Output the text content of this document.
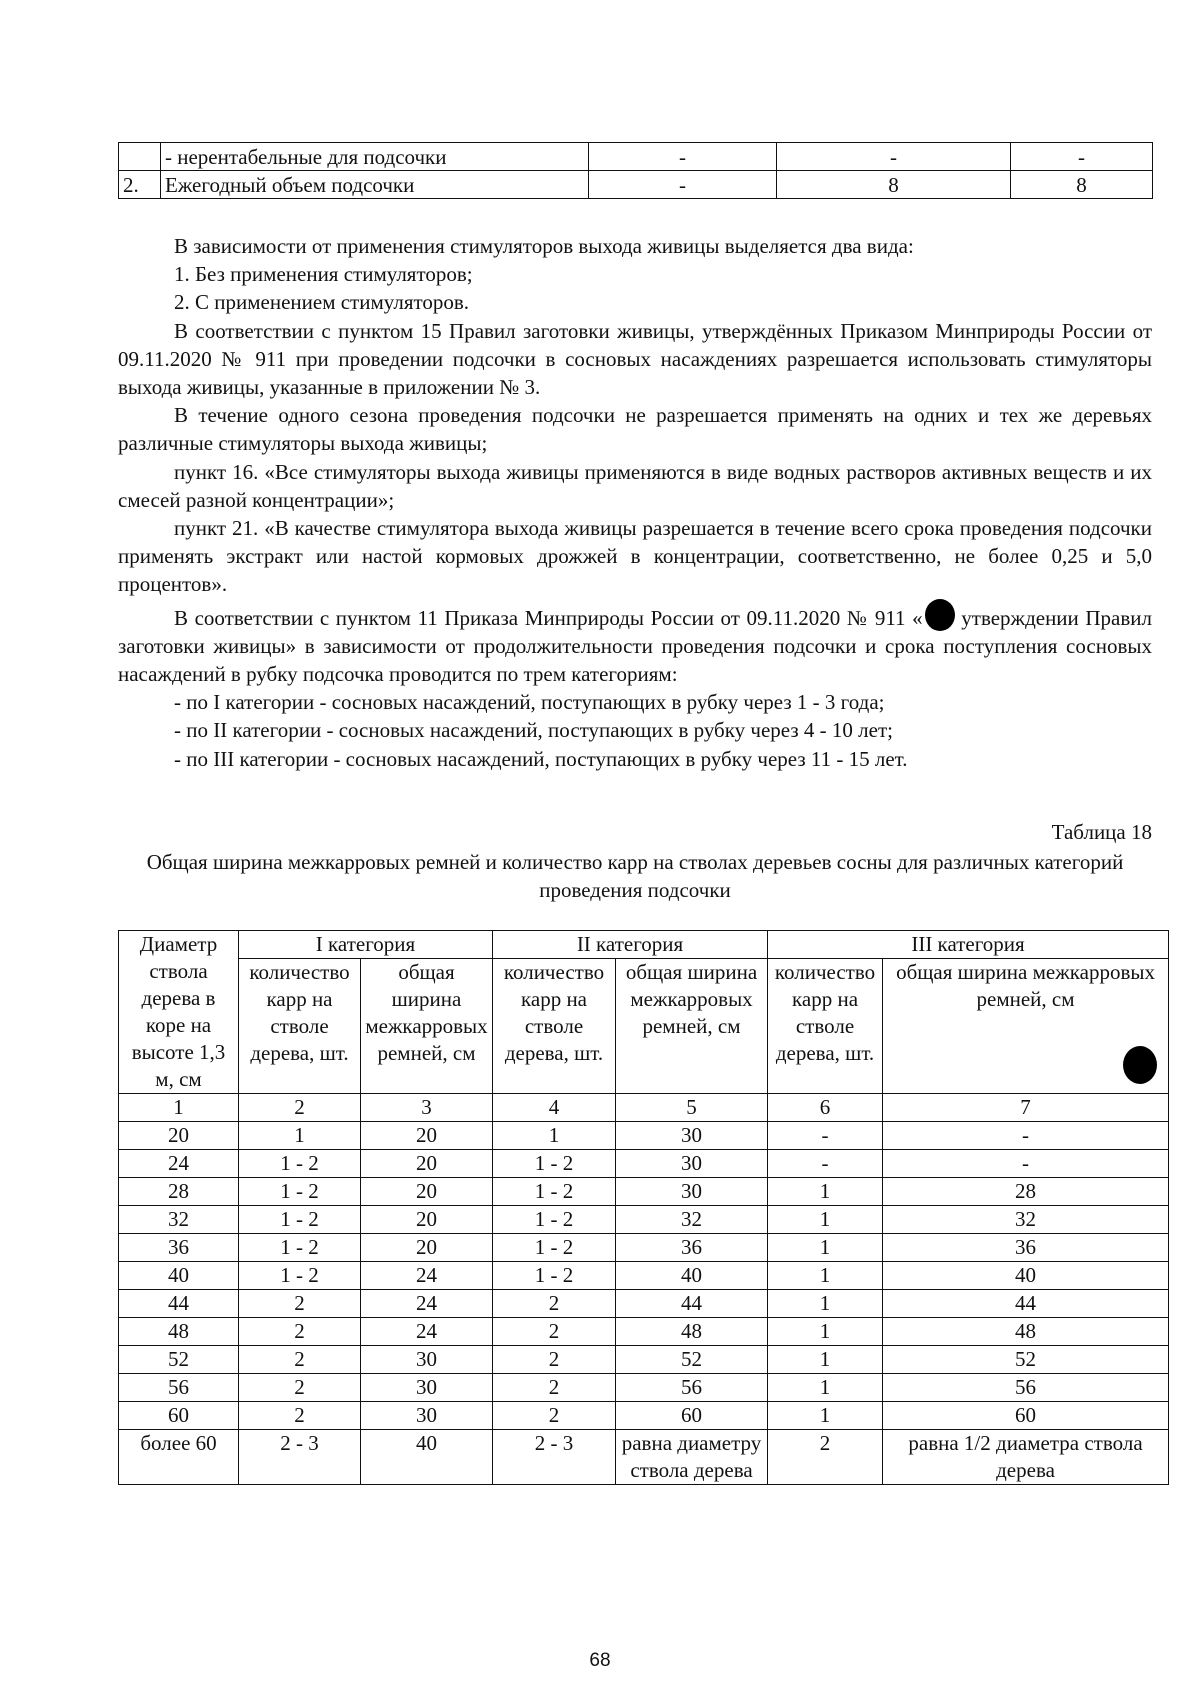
	- нерентабельные для подсочки	-	-	-
2.	Ежегодный объем подсочки	-	8	8

В зависимости от применения стимуляторов выхода живицы выделяется два вида:

1. Без применения стимуляторов;

2. С применением стимуляторов.

В соответствии с пунктом 15 Правил заготовки живицы, утверждённых Приказом Минприроды России от 09.11.2020 № 911 при проведении подсочки в сосновых насаждениях разрешается использовать стимуляторы выхода живицы, указанные в приложении № 3.

В течение одного сезона проведения подсочки не разрешается применять на одних и тех же деревьях различные стимуляторы выхода живицы;

пункт 16. «Все стимуляторы выхода живицы применяются в виде водных растворов активных веществ и их смесей разной концентрации»;

пункт 21. «В качестве стимулятора выхода живицы разрешается в течение всего срока проведения подсочки применять экстракт или настой кормовых дрожжей в концентрации, соответственно, не более 0,25 и 5,0 процентов».

В соответствии с пунктом 11 Приказа Минприроды России от 09.11.2020 № 911 « утверждении Правил заготовки живицы» в зависимости от продолжительности проведения подсочки и срока поступления сосновых насаждений в рубку подсочка проводится по трем категориям:

- по I категории - сосновых насаждений, поступающих в рубку через 1 - 3 года;

- по II категории - сосновых насаждений, поступающих в рубку через 4 - 10 лет;

- по III категории - сосновых насаждений, поступающих в рубку через 11 - 15 лет.

Таблица 18
Общая ширина межкарровых ремней и количество карр на стволах деревьев сосны для различных категорий проведения подсочки
Диаметр ствола дерева в коре на высоте 1,3 м, см	I категория		II категория		III категория	
	количество карр на стволе дерева, шт.	общая ширина межкарровых ремней, см	количество карр на стволе дерева, шт.	общая ширина межкарровых ремней, см	количество карр на стволе дерева, шт.	общая ширина межкарровых ремней, см
1	2	3	4	5	6	7
20	1	20	1	30	-	-
24	1 - 2	20	1 - 2	30	-	-
28	1 - 2	20	1 - 2	30	1	28
32	1 - 2	20	1 - 2	32	1	32
36	1 - 2	20	1 - 2	36	1	36
40	1 - 2	24	1 - 2	40	1	40
44	2	24	2	44	1	44
48	2	24	2	48	1	48
52	2	30	2	52	1	52
56	2	30	2	56	1	56
60	2	30	2	60	1	60
более 60	2 - 3	40	2 - 3	равна диаметру ствола дерева	2	равна 1/2 диаметра ствола дерева
68
